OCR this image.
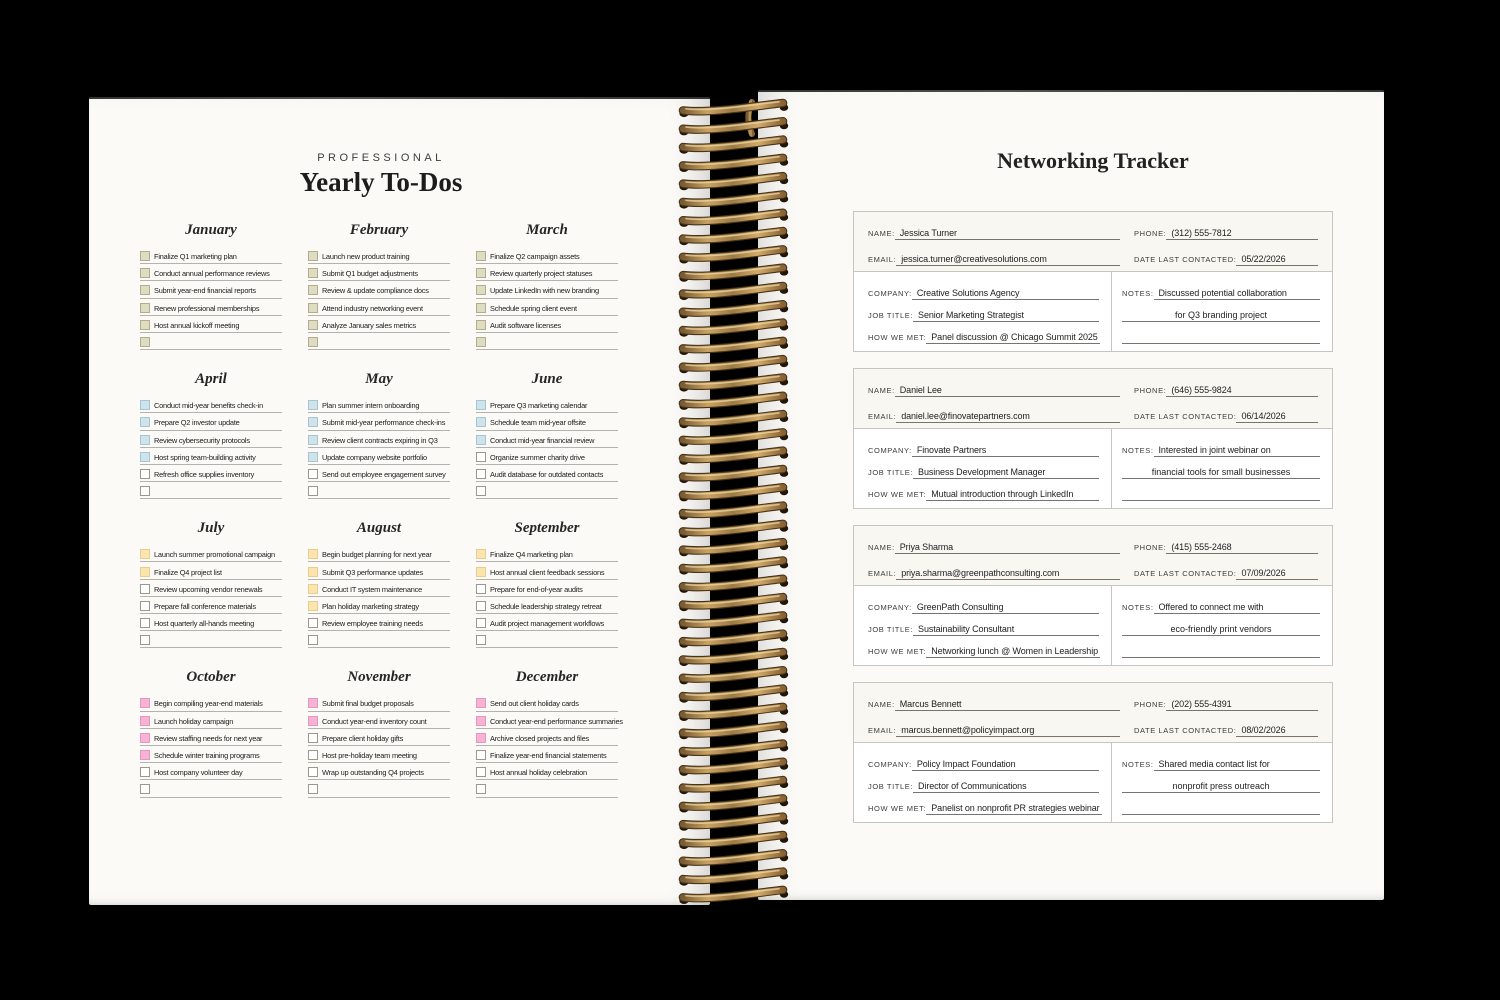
PROFESSIONAL
Yearly To-Dos
January
Finalize Q1 marketing plan
Conduct annual performance reviews
Submit year-end financial reports
Renew professional memberships
Host annual kickoff meeting
February
Launch new product training
Submit Q1 budget adjustments
Review & update compliance docs
Attend industry networking event
Analyze January sales metrics
March
Finalize Q2 campaign assets
Review quarterly project statuses
Update LinkedIn with new branding
Schedule spring client event
Audit software licenses
April
Conduct mid-year benefits check-in
Prepare Q2 investor update
Review cybersecurity protocols
Host spring team-building activity
Refresh office supplies inventory
May
Plan summer intern onboarding
Submit mid-year performance check-ins
Review client contracts expiring in Q3
Update company website portfolio
Send out employee engagement survey
June
Prepare Q3 marketing calendar
Schedule team mid-year offsite
Conduct mid-year financial review
Organize summer charity drive
Audit database for outdated contacts
July
Launch summer promotional campaign
Finalize Q4 project list
Review upcoming vendor renewals
Prepare fall conference materials
Host quarterly all-hands meeting
August
Begin budget planning for next year
Submit Q3 performance updates
Conduct IT system maintenance
Plan holiday marketing strategy
Review employee training needs
September
Finalize Q4 marketing plan
Host annual client feedback sessions
Prepare for end-of-year audits
Schedule leadership strategy retreat
Audit project management workflows
October
Begin compiling year-end materials
Launch holiday campaign
Review staffing needs for next year
Schedule winter training programs
Host company volunteer day
November
Submit final budget proposals
Conduct year-end inventory count
Prepare client holiday gifts
Host pre-holiday team meeting
Wrap up outstanding Q4 projects
December
Send out client holiday cards
Conduct year-end performance summaries
Archive closed projects and files
Finalize year-end financial statements
Host annual holiday celebration
Networking Tracker
NAME: Jessica Turner
EMAIL: jessica.turner@creativesolutions.com
PHONE: (312) 555-7812
DATE LAST CONTACTED: 05/22/2026
COMPANY: Creative Solutions Agency
JOB TITLE: Senior Marketing Strategist
HOW WE MET: Panel discussion @ Chicago Summit 2025
NOTES: Discussed potential collaboration
for Q3 branding project
NAME: Daniel Lee
EMAIL: daniel.lee@finovatepartners.com
PHONE: (646) 555-9824
DATE LAST CONTACTED: 06/14/2026
COMPANY: Finovate Partners
JOB TITLE: Business Development Manager
HOW WE MET: Mutual introduction through LinkedIn
NOTES: Interested in joint webinar on
financial tools for small businesses
NAME: Priya Sharma
EMAIL: priya.sharma@greenpathconsulting.com
PHONE: (415) 555-2468
DATE LAST CONTACTED: 07/09/2026
COMPANY: GreenPath Consulting
JOB TITLE: Sustainability Consultant
HOW WE MET: Networking lunch @ Women in Leadership
NOTES: Offered to connect me with
eco-friendly print vendors
NAME: Marcus Bennett
EMAIL: marcus.bennett@policyimpact.org
PHONE: (202) 555-4391
DATE LAST CONTACTED: 08/02/2026
COMPANY: Policy Impact Foundation
JOB TITLE: Director of Communications
HOW WE MET: Panelist on nonprofit PR strategies webinar
NOTES: Shared media contact list for
nonprofit press outreach
